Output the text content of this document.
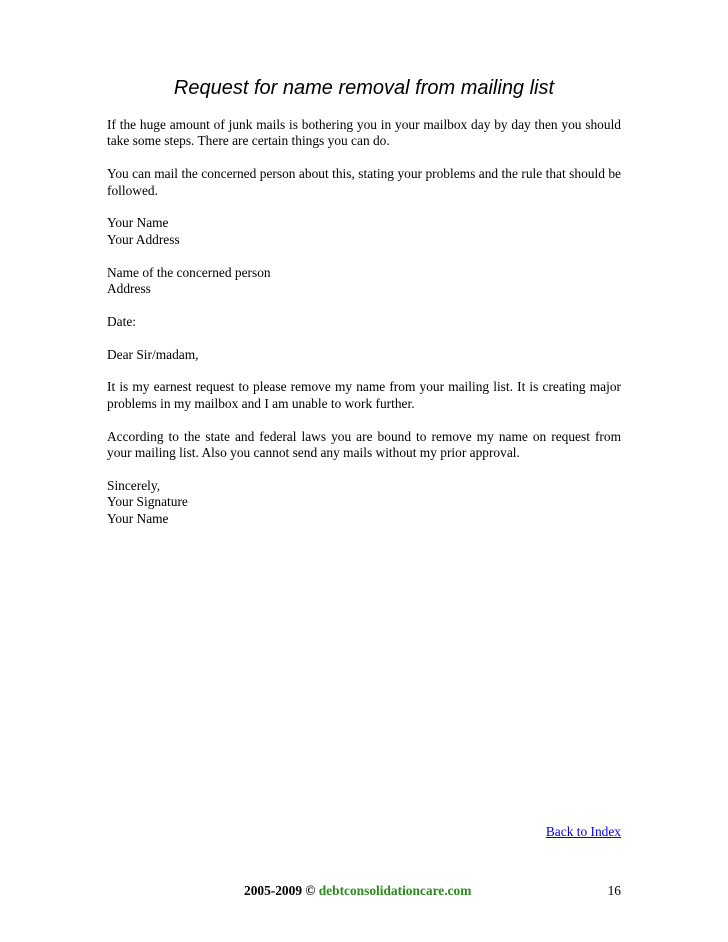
Request for name removal from mailing list

If the huge amount of junk mails is bothering you in your mailbox day by day then you should take some steps. There are certain things you can do.

You can mail the concerned person about this, stating your problems and the rule that should be followed.

Your Name
Your Address
Name of the concerned person
Address

Date:

Dear Sir/madam,

It is my earnest request to please remove my name from your mailing list. It is creating major problems in my mailbox and I am unable to work further.

According to the state and federal laws you are bound to remove my name on request from your mailing list. Also you cannot send any mails without my prior approval.

Sincerely,
Your Signature
Your Name
Back to Index
2005-2009 © debtconsolidationcare.com	16
